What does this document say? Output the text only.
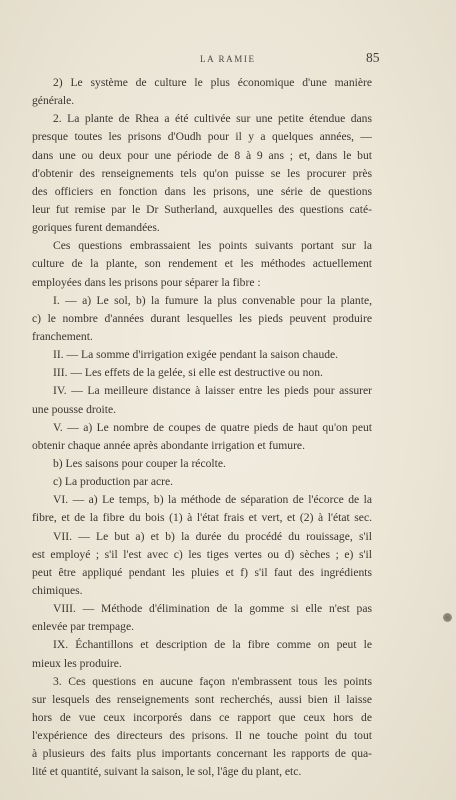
LA RAMIE	85
2) Le système de culture le plus économique d'une manière
générale.
2. La plante de Rhea a été cultivée sur une petite étendue dans
presque toutes les prisons d'Oudh pour il y a quelques années, —
dans une ou deux pour une période de 8 à 9 ans ; et, dans le but
d'obtenir des renseignements tels qu'on puisse se les procurer près
des officiers en fonction dans les prisons, une série de questions
leur fut remise par le Dr Sutherland, auxquelles des questions caté-
goriques furent demandées.
Ces questions embrassaient les points suivants portant sur la
culture de la plante, son rendement et les méthodes actuellement
employées dans les prisons pour séparer la fibre :
I. — a) Le sol, b) la fumure la plus convenable pour la plante,
c) le nombre d'années durant lesquelles les pieds peuvent produire
franchement.
II. — La somme d'irrigation exigée pendant la saison chaude.
III. — Les effets de la gelée, si elle est destructive ou non.
IV. — La meilleure distance à laisser entre les pieds pour assurer
une pousse droite.
V. — a) Le nombre de coupes de quatre pieds de haut qu'on peut
obtenir chaque année après abondante irrigation et fumure.
b) Les saisons pour couper la récolte.
c) La production par acre.
VI. — a) Le temps, b) la méthode de séparation de l'écorce de la
fibre, et de la fibre du bois (1) à l'état frais et vert, et (2) à l'état sec.
VII. — Le but a) et b) la durée du procédé du rouissage, s'il
est employé ; s'il l'est avec c) les tiges vertes ou d) sèches ; e) s'il
peut être appliqué pendant les pluies et f) s'il faut des ingrédients
chimiques.
VIII. — Méthode d'élimination de la gomme si elle n'est pas
enlevée par trempage.
IX. Échantillons et description de la fibre comme on peut le
mieux les produire.
3. Ces questions en aucune façon n'embrassent tous les points
sur lesquels des renseignements sont recherchés, aussi bien il laisse
hors de vue ceux incorporés dans ce rapport que ceux hors de
l'expérience des directeurs des prisons. Il ne touche point du tout
à plusieurs des faits plus importants concernant les rapports de qua-
lité et quantité, suivant la saison, le sol, l'âge du plant, etc.
